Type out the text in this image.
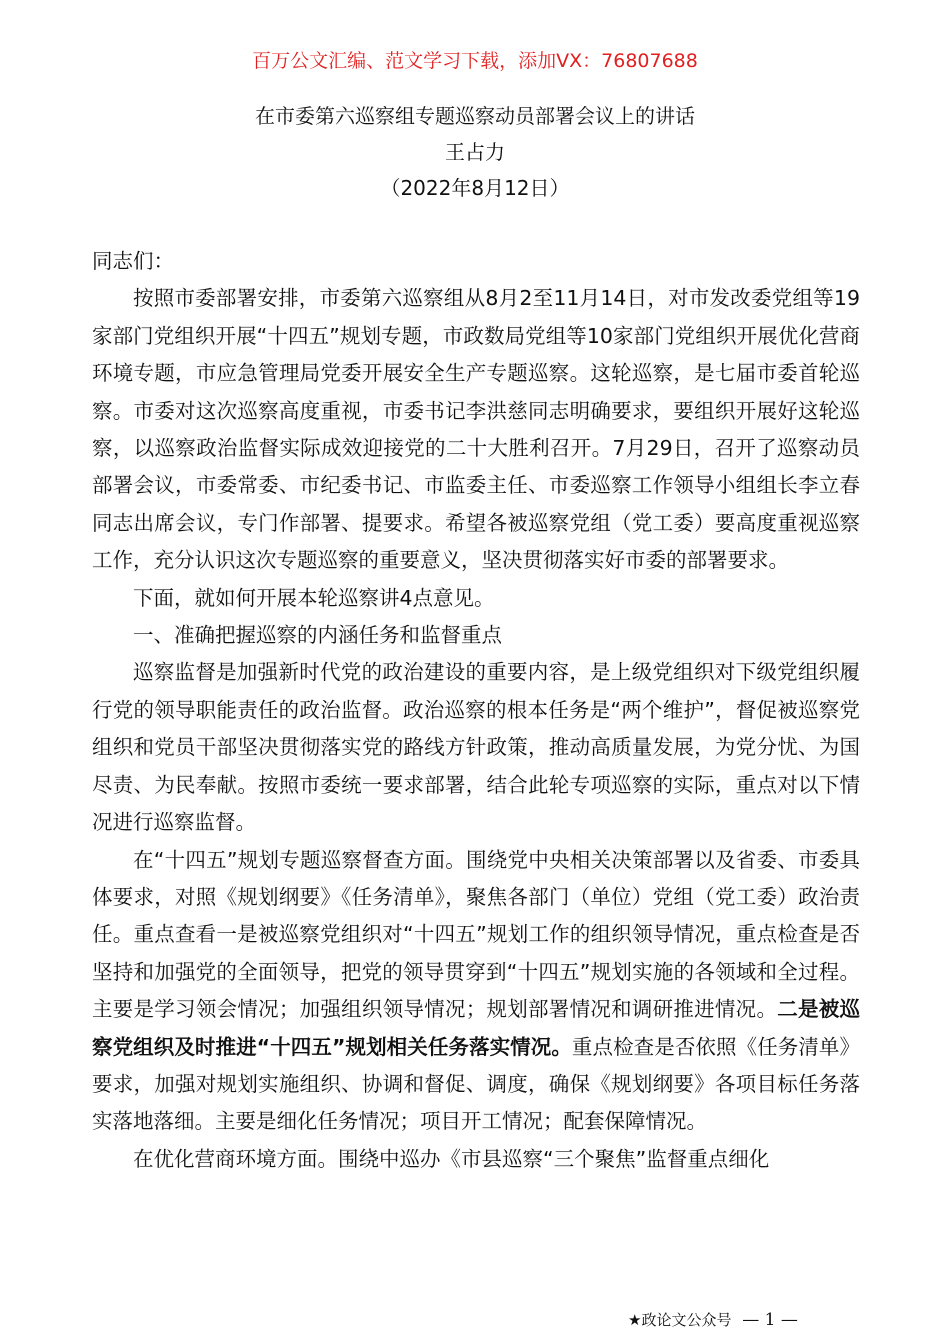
百万公文汇编、范文学习下载，添加VX：76807688
在市委第六巡察组专题巡察动员部署会议上的讲话
王占力
（2022年8月12日）

同志们：

按照市委部署安排，市委第六巡察组从8月2至11月14日，对市发改委党组等19家部门党组织开展“十四五”规划专题，市政数局党组等10家部门党组织开展优化营商环境专题，市应急管理局党委开展安全生产专题巡察。这轮巡察，是七届市委首轮巡察。市委对这次巡察高度重视，市委书记李洪慈同志明确要求，要组织开展好这轮巡察，以巡察政治监督实际成效迎接党的二十大胜利召开。7月29日，召开了巡察动员部署会议，市委常委、市纪委书记、市监委主任、市委巡察工作领导小组组长李立春同志出席会议，专门作部署、提要求。希望各被巡察党组（党工委）要高度重视巡察工作，充分认识这次专题巡察的重要意义，坚决贯彻落实好市委的部署要求。

下面，就如何开展本轮巡察讲4点意见。

一、准确把握巡察的内涵任务和监督重点

巡察监督是加强新时代党的政治建设的重要内容，是上级党组织对下级党组织履行党的领导职能责任的政治监督。政治巡察的根本任务是“两个维护”，督促被巡察党组织和党员干部坚决贯彻落实党的路线方针政策，推动高质量发展，为党分忧、为国尽责、为民奉献。按照市委统一要求部署，结合此轮专项巡察的实际，重点对以下情况进行巡察监督。

在“十四五”规划专题巡察督查方面。围绕党中央相关决策部署以及省委、市委具体要求，对照《规划纲要》《任务清单》，聚焦各部门（单位）党组（党工委）政治责任。重点查看一是被巡察党组织对“十四五”规划工作的组织领导情况，重点检查是否坚持和加强党的全面领导，把党的领导贯穿到“十四五”规划实施的各领域和全过程。主要是学习领会情况；加强组织领导情况；规划部署情况和调研推进情况。二是被巡察党组织及时推进“十四五”规划相关任务落实情况。重点检查是否依照《任务清单》要求，加强对规划实施组织、协调和督促、调度，确保《规划纲要》各项目标任务落实落地落细。主要是细化任务情况；项目开工情况；配套保障情况。

在优化营商环境方面。围绕中巡办《市县巡察“三个聚焦”监督重点细化

★政论文公众号 — 1 —
